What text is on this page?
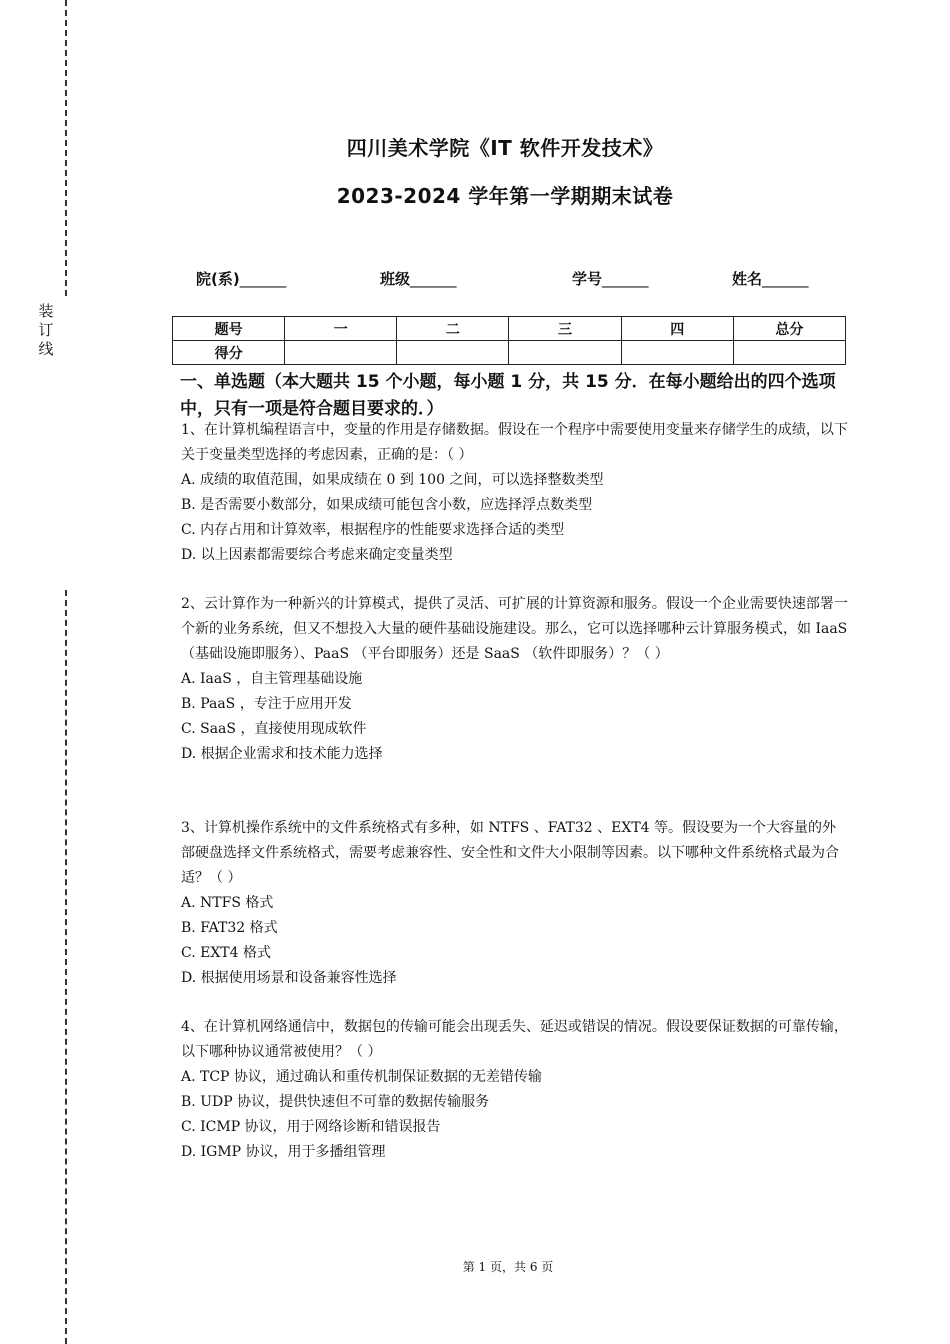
装订线
四川美术学院《IT 软件开发技术》
2023-2024 学年第一学期期末试卷
院(系)_______	班级_______	学号_______	姓名_______
题号	一	二	三	四	总分
得分					
一、单选题（本大题共 15 个小题，每小题 1 分，共 15 分．在每小题给出的四个选项中，只有一项是符合题目要求的．）

1、在计算机编程语言中，变量的作用是存储数据。假设在一个程序中需要使用变量来存储学生的成绩，以下关于变量类型选择的考虑因素，正确的是：（ ）

A. 成绩的取值范围，如果成绩在 0 到 100 之间，可以选择整数类型

B. 是否需要小数部分，如果成绩可能包含小数，应选择浮点数类型

C. 内存占用和计算效率，根据程序的性能要求选择合适的类型

D. 以上因素都需要综合考虑来确定变量类型

2、云计算作为一种新兴的计算模式，提供了灵活、可扩展的计算资源和服务。假设一个企业需要快速部署一个新的业务系统，但又不想投入大量的硬件基础设施建设。那么，它可以选择哪种云计算服务模式，如 IaaS （基础设施即服务）、PaaS （平台即服务）还是 SaaS （软件即服务）？（ ）

A. IaaS ，自主管理基础设施

B. PaaS ，专注于应用开发

C. SaaS ，直接使用现成软件

D. 根据企业需求和技术能力选择

3、计算机操作系统中的文件系统格式有多种，如 NTFS 、FAT32 、EXT4 等。假设要为一个大容量的外部硬盘选择文件系统格式，需要考虑兼容性、安全性和文件大小限制等因素。以下哪种文件系统格式最为合适？（ ）

A. NTFS 格式

B. FAT32 格式

C. EXT4 格式

D. 根据使用场景和设备兼容性选择

4、在计算机网络通信中，数据包的传输可能会出现丢失、延迟或错误的情况。假设要保证数据的可靠传输，以下哪种协议通常被使用？（ ）

A. TCP 协议，通过确认和重传机制保证数据的无差错传输

B. UDP 协议，提供快速但不可靠的数据传输服务

C. ICMP 协议，用于网络诊断和错误报告

D. IGMP 协议，用于多播组管理

第 1 页，共 6 页
